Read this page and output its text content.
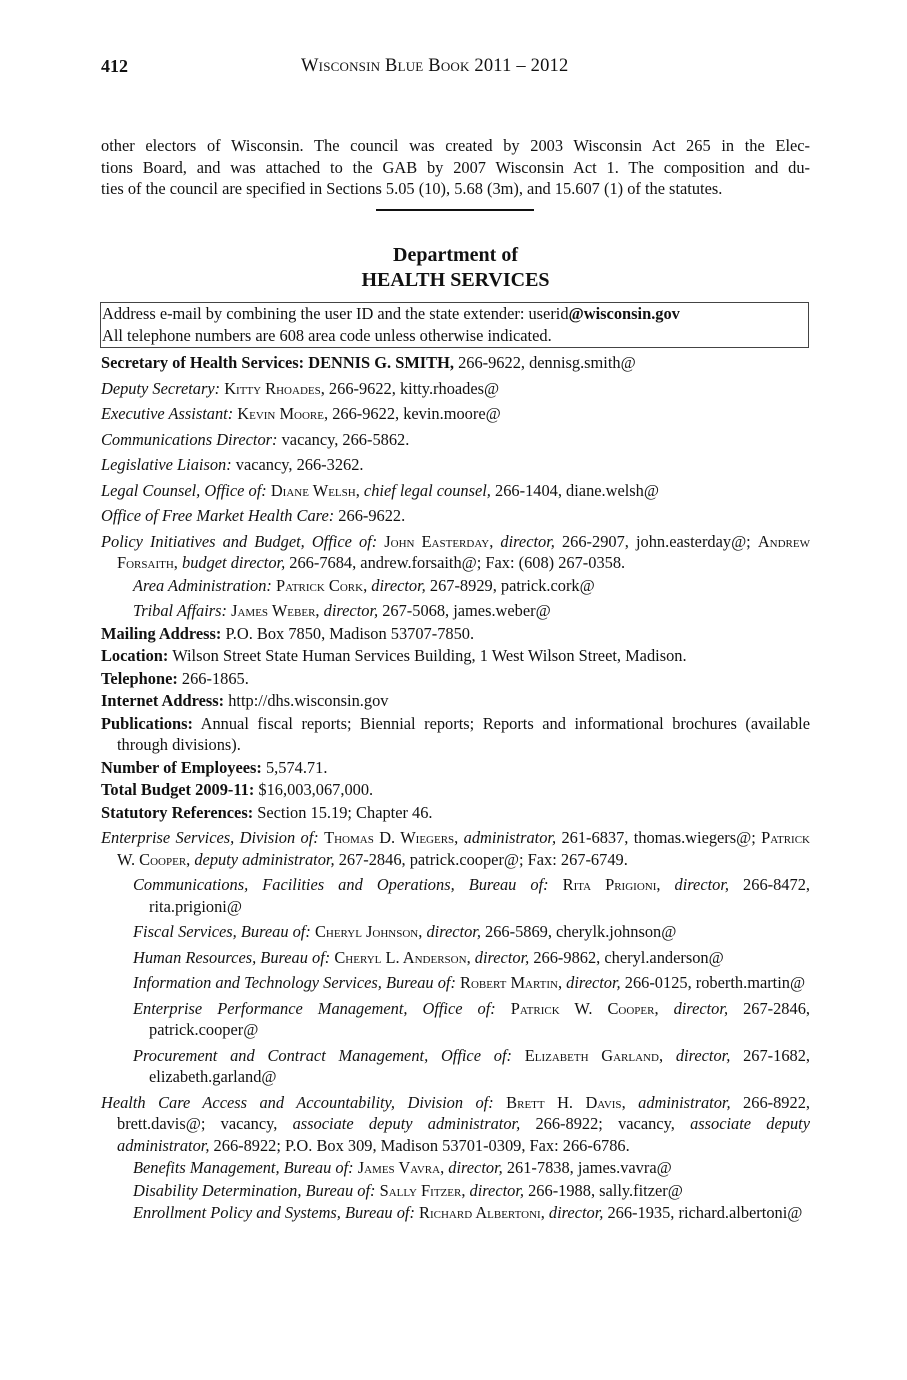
412	Wisconsin Blue Book 2011 – 2012
other electors of Wisconsin. The council was created by 2003 Wisconsin Act 265 in the Elec-
tions Board, and was attached to the GAB by 2007 Wisconsin Act 1. The composition and du-
ties of the council are specified in Sections 5.05 (10), 5.68 (3m), and 15.607 (1) of the statutes.
Department of
HEALTH SERVICES
Address e-mail by combining the user ID and the state extender: userid@wisconsin.gov
All telephone numbers are 608 area code unless otherwise indicated.

Secretary of Health Services: DENNIS G. SMITH, 266-9622, dennisg.smith@

Deputy Secretary: Kitty Rhoades, 266-9622, kitty.rhoades@

Executive Assistant: Kevin Moore, 266-9622, kevin.moore@

Communications Director: vacancy, 266-5862.

Legislative Liaison: vacancy, 266-3262.

Legal Counsel, Office of: Diane Welsh, chief legal counsel, 266-1404, diane.welsh@

Office of Free Market Health Care: 266-9622.

Policy Initiatives and Budget, Office of: John Easterday, director, 266-2907, john.easterday@; Andrew Forsaith, budget director, 266-7684, andrew.forsaith@; Fax: (608) 267-0358.

Area Administration: Patrick Cork, director, 267-8929, patrick.cork@

Tribal Affairs: James Weber, director, 267-5068, james.weber@

Mailing Address: P.O. Box 7850, Madison 53707-7850.

Location: Wilson Street State Human Services Building, 1 West Wilson Street, Madison.

Telephone: 266-1865.

Internet Address: http://dhs.wisconsin.gov

Publications: Annual fiscal reports; Biennial reports; Reports and informational brochures (available through divisions).

Number of Employees: 5,574.71.

Total Budget 2009-11: $16,003,067,000.

Statutory References: Section 15.19; Chapter 46.

Enterprise Services, Division of: Thomas D. Wiegers, administrator, 261-6837, thomas.wiegers@; Patrick W. Cooper, deputy administrator, 267-2846, patrick.cooper@; Fax: 267-6749.

Communications, Facilities and Operations, Bureau of: Rita Prigioni, director, 266-8472, rita.prigioni@

Fiscal Services, Bureau of: Cheryl Johnson, director, 266-5869, cherylk.johnson@

Human Resources, Bureau of: Cheryl L. Anderson, director, 266-9862, cheryl.anderson@

Information and Technology Services, Bureau of: Robert Martin, director, 266-0125, roberth.martin@

Enterprise Performance Management, Office of: Patrick W. Cooper, director, 267-2846, patrick.cooper@

Procurement and Contract Management, Office of: Elizabeth Garland, director, 267-1682, elizabeth.garland@

Health Care Access and Accountability, Division of: Brett H. Davis, administrator, 266-8922, brett.davis@; vacancy, associate deputy administrator, 266-8922; vacancy, associate deputy administrator, 266-8922; P.O. Box 309, Madison 53701-0309, Fax: 266-6786.

Benefits Management, Bureau of: James Vavra, director, 261-7838, james.vavra@

Disability Determination, Bureau of: Sally Fitzer, director, 266-1988, sally.fitzer@

Enrollment Policy and Systems, Bureau of: Richard Albertoni, director, 266-1935, richard.albertoni@
